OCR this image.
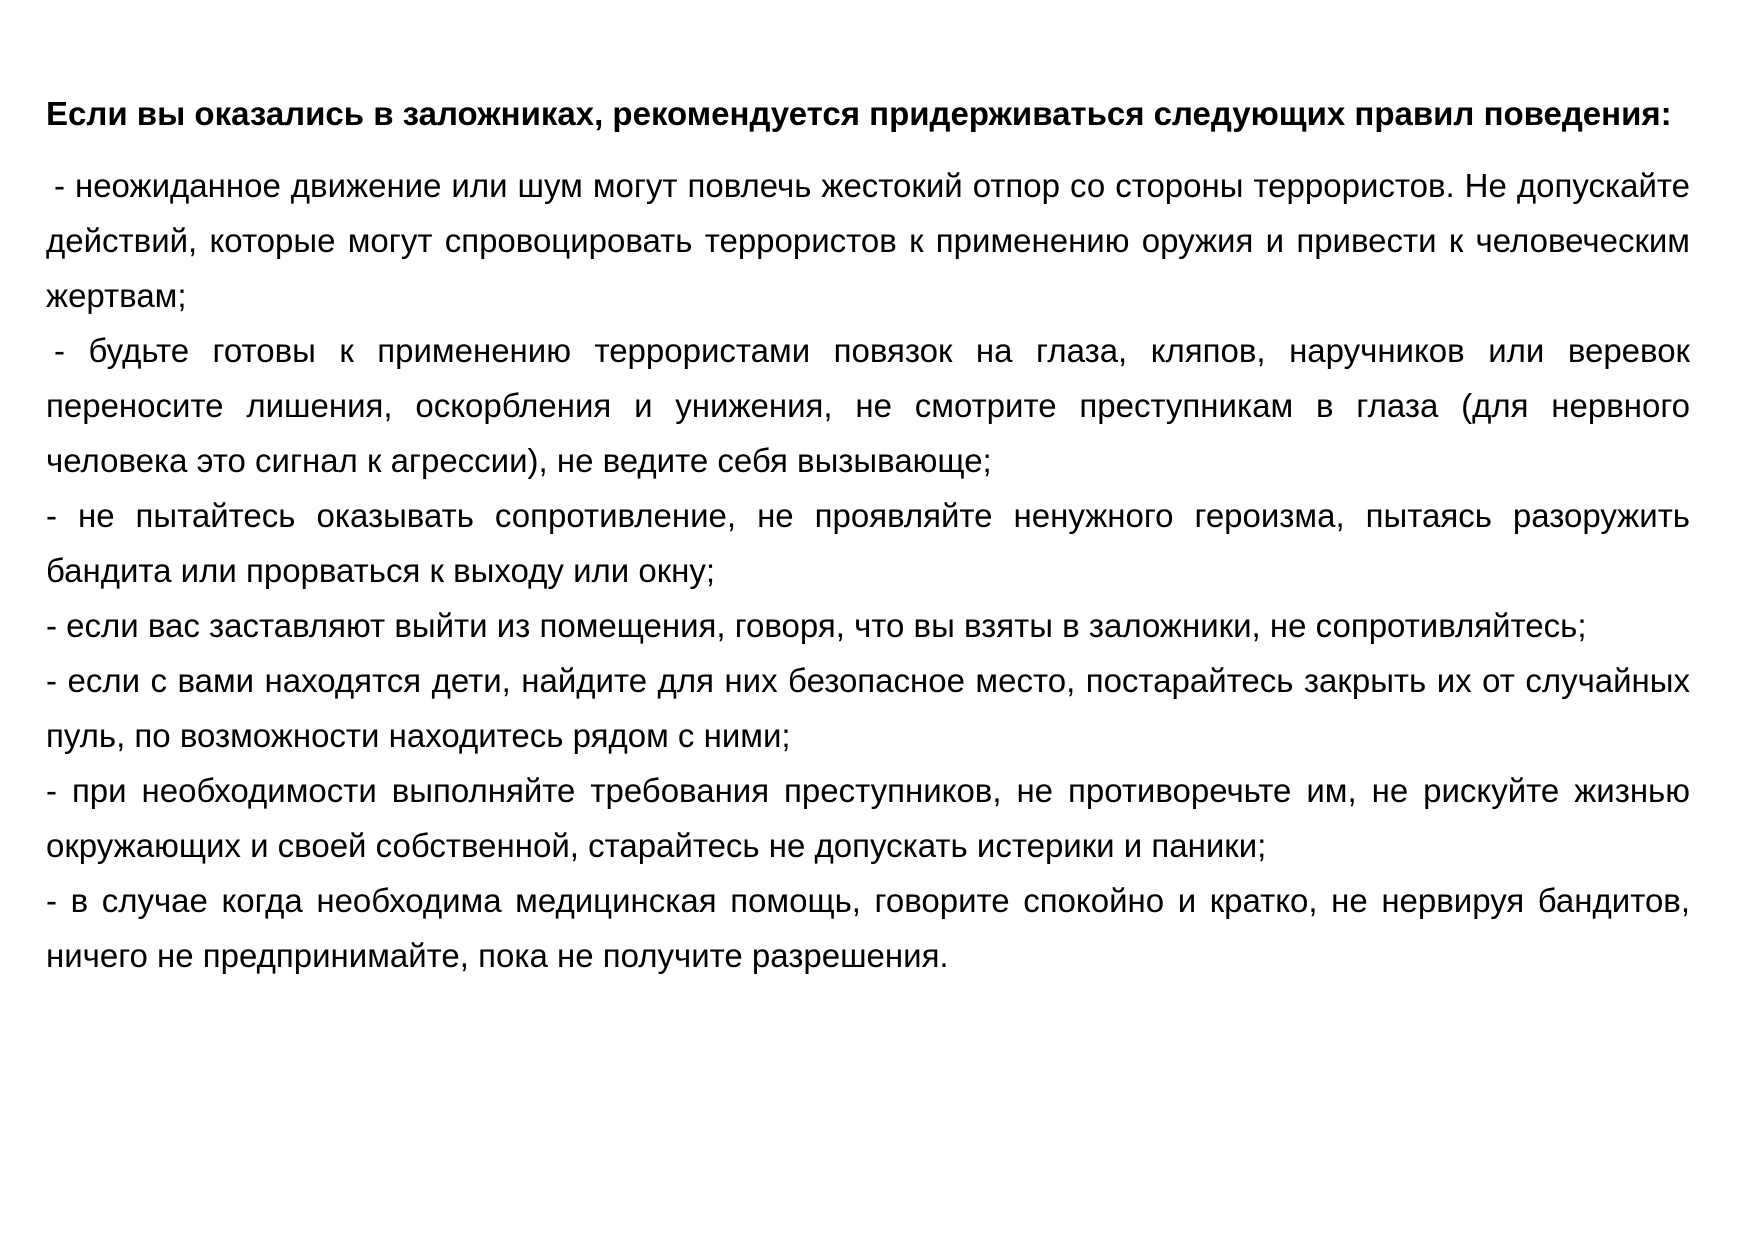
Если вы оказались в заложниках, рекомендуется придерживаться следующих правил поведения:

- неожиданное движение или шум могут повлечь жестокий отпор со стороны террористов. Не допускайте действий, которые могут спровоцировать террористов к применению оружия и привести к человеческим жертвам;

- будьте готовы к применению террористами повязок на глаза, кляпов, наручников или веревок переносите лишения, оскорбления и унижения, не смотрите преступникам в глаза (для нервного человека это сигнал к агрессии), не ведите себя вызывающе;

- не пытайтесь оказывать сопротивление, не проявляйте ненужного героизма, пытаясь разоружить бандита или прорваться к выходу или окну;

- если вас заставляют выйти из помещения, говоря, что вы взяты в заложники, не сопротивляйтесь;

- если с вами находятся дети, найдите для них безопасное место, постарайтесь закрыть их от случайных пуль, по возможности находитесь рядом с ними;

- при необходимости выполняйте требования преступников, не противоречьте им, не рискуйте жизнью окружающих и своей собственной, старайтесь не допускать истерики и паники;

- в случае когда необходима медицинская помощь, говорите спокойно и кратко, не нервируя бандитов, ничего не предпринимайте, пока не получите разрешения.
